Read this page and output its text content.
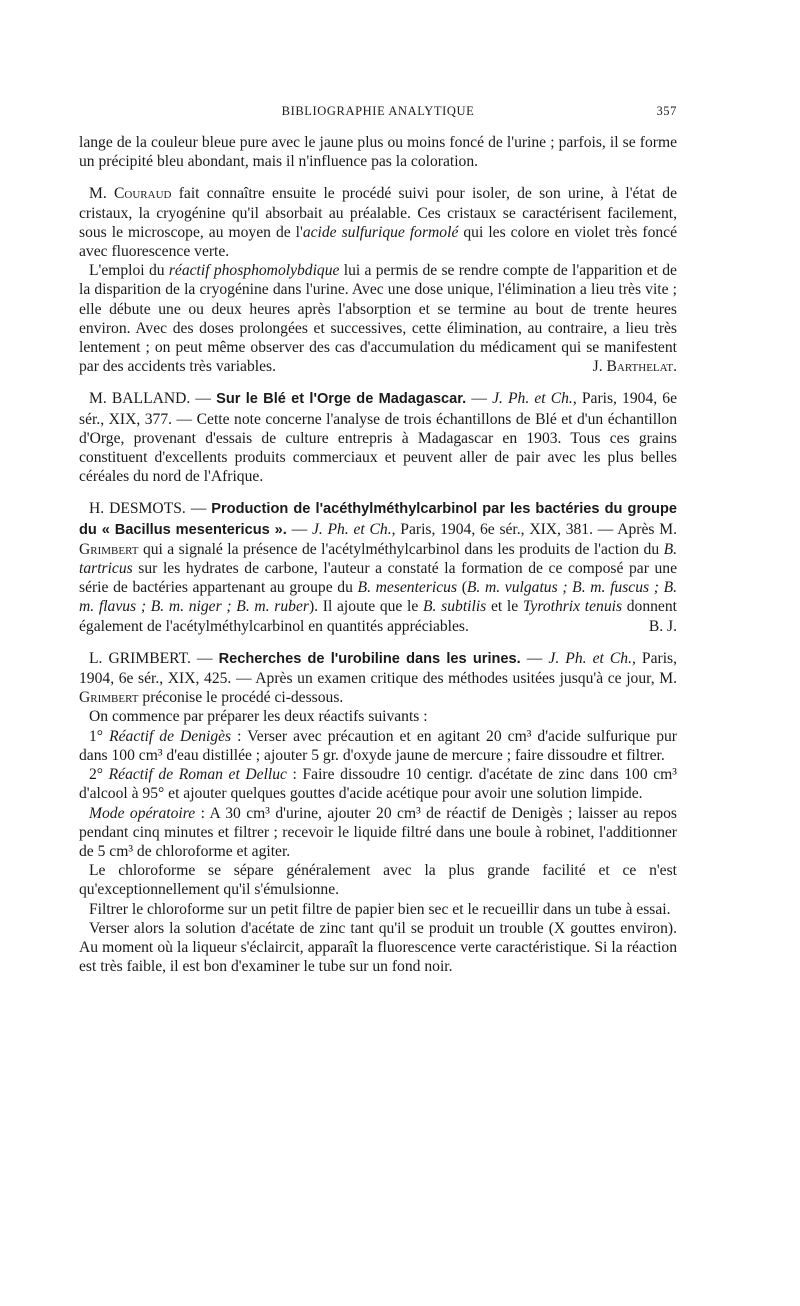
BIBLIOGRAPHIE ANALYTIQUE	357

lange de la couleur bleue pure avec le jaune plus ou moins foncé de l'urine ; parfois, il se forme un précipité bleu abondant, mais il n'influence pas la coloration.

M. Couraud fait connaître ensuite le procédé suivi pour isoler, de son urine, à l'état de cristaux, la cryogénine qu'il absorbait au préalable. Ces cristaux se caractérisent facilement, sous le microscope, au moyen de l'acide sulfurique formolé qui les colore en violet très foncé avec fluorescence verte.

L'emploi du réactif phosphomolybdique lui a permis de se rendre compte de l'apparition et de la disparition de la cryogénine dans l'urine. Avec une dose unique, l'élimination a lieu très vite ; elle débute une ou deux heures après l'absorption et se termine au bout de trente heures environ. Avec des doses prolongées et successives, cette élimination, au contraire, a lieu très lentement ; on peut même observer des cas d'accumulation du médicament qui se manifestent par des accidents très variables.	J. Barthelat.

M. BALLAND. — Sur le Blé et l'Orge de Madagascar. — J. Ph. et Ch., Paris, 1904, 6e sér., XIX, 377. — Cette note concerne l'analyse de trois échantillons de Blé et d'un échantillon d'Orge, provenant d'essais de culture entrepris à Madagascar en 1903. Tous ces grains constituent d'excellents produits commerciaux et peuvent aller de pair avec les plus belles céréales du nord de l'Afrique.

H. DESMOTS. — Production de l'acéthylméthylcarbinol par les bactéries du groupe du « Bacillus mesentericus ». — J. Ph. et Ch., Paris, 1904, 6e sér., XIX, 381. — Après M. Grimbert qui a signalé la présence de l'acétylméthylcarbinol dans les produits de l'action du B. tartricus sur les hydrates de carbone, l'auteur a constaté la formation de ce composé par une série de bactéries appartenant au groupe du B. mesentericus (B. m. vulgatus ; B. m. fuscus ; B. m. flavus ; B. m. niger ; B. m. ruber). Il ajoute que le B. subtilis et le Tyrothrix tenuis donnent également de l'acétylméthylcarbinol en quantités appréciables.	B. J.

L. GRIMBERT. — Recherches de l'urobiline dans les urines. — J. Ph. et Ch., Paris, 1904, 6e sér., XIX, 425. — Après un examen critique des méthodes usitées jusqu'à ce jour, M. Grimbert préconise le procédé ci-dessous.

On commence par préparer les deux réactifs suivants :

1° Réactif de Denigès : Verser avec précaution et en agitant 20 cm³ d'acide sulfurique pur dans 100 cm³ d'eau distillée ; ajouter 5 gr. d'oxyde jaune de mercure ; faire dissoudre et filtrer.

2° Réactif de Roman et Delluc : Faire dissoudre 10 centigr. d'acétate de zinc dans 100 cm³ d'alcool à 95° et ajouter quelques gouttes d'acide acétique pour avoir une solution limpide.

Mode opératoire : A 30 cm³ d'urine, ajouter 20 cm³ de réactif de Denigès ; laisser au repos pendant cinq minutes et filtrer ; recevoir le liquide filtré dans une boule à robinet, l'additionner de 5 cm³ de chloroforme et agiter.

Le chloroforme se sépare généralement avec la plus grande facilité et ce n'est qu'exceptionnellement qu'il s'émulsionne.

Filtrer le chloroforme sur un petit filtre de papier bien sec et le recueillir dans un tube à essai.

Verser alors la solution d'acétate de zinc tant qu'il se produit un trouble (X gouttes environ). Au moment où la liqueur s'éclaircit, apparaît la fluorescence verte caractéristique. Si la réaction est très faible, il est bon d'examiner le tube sur un fond noir.
